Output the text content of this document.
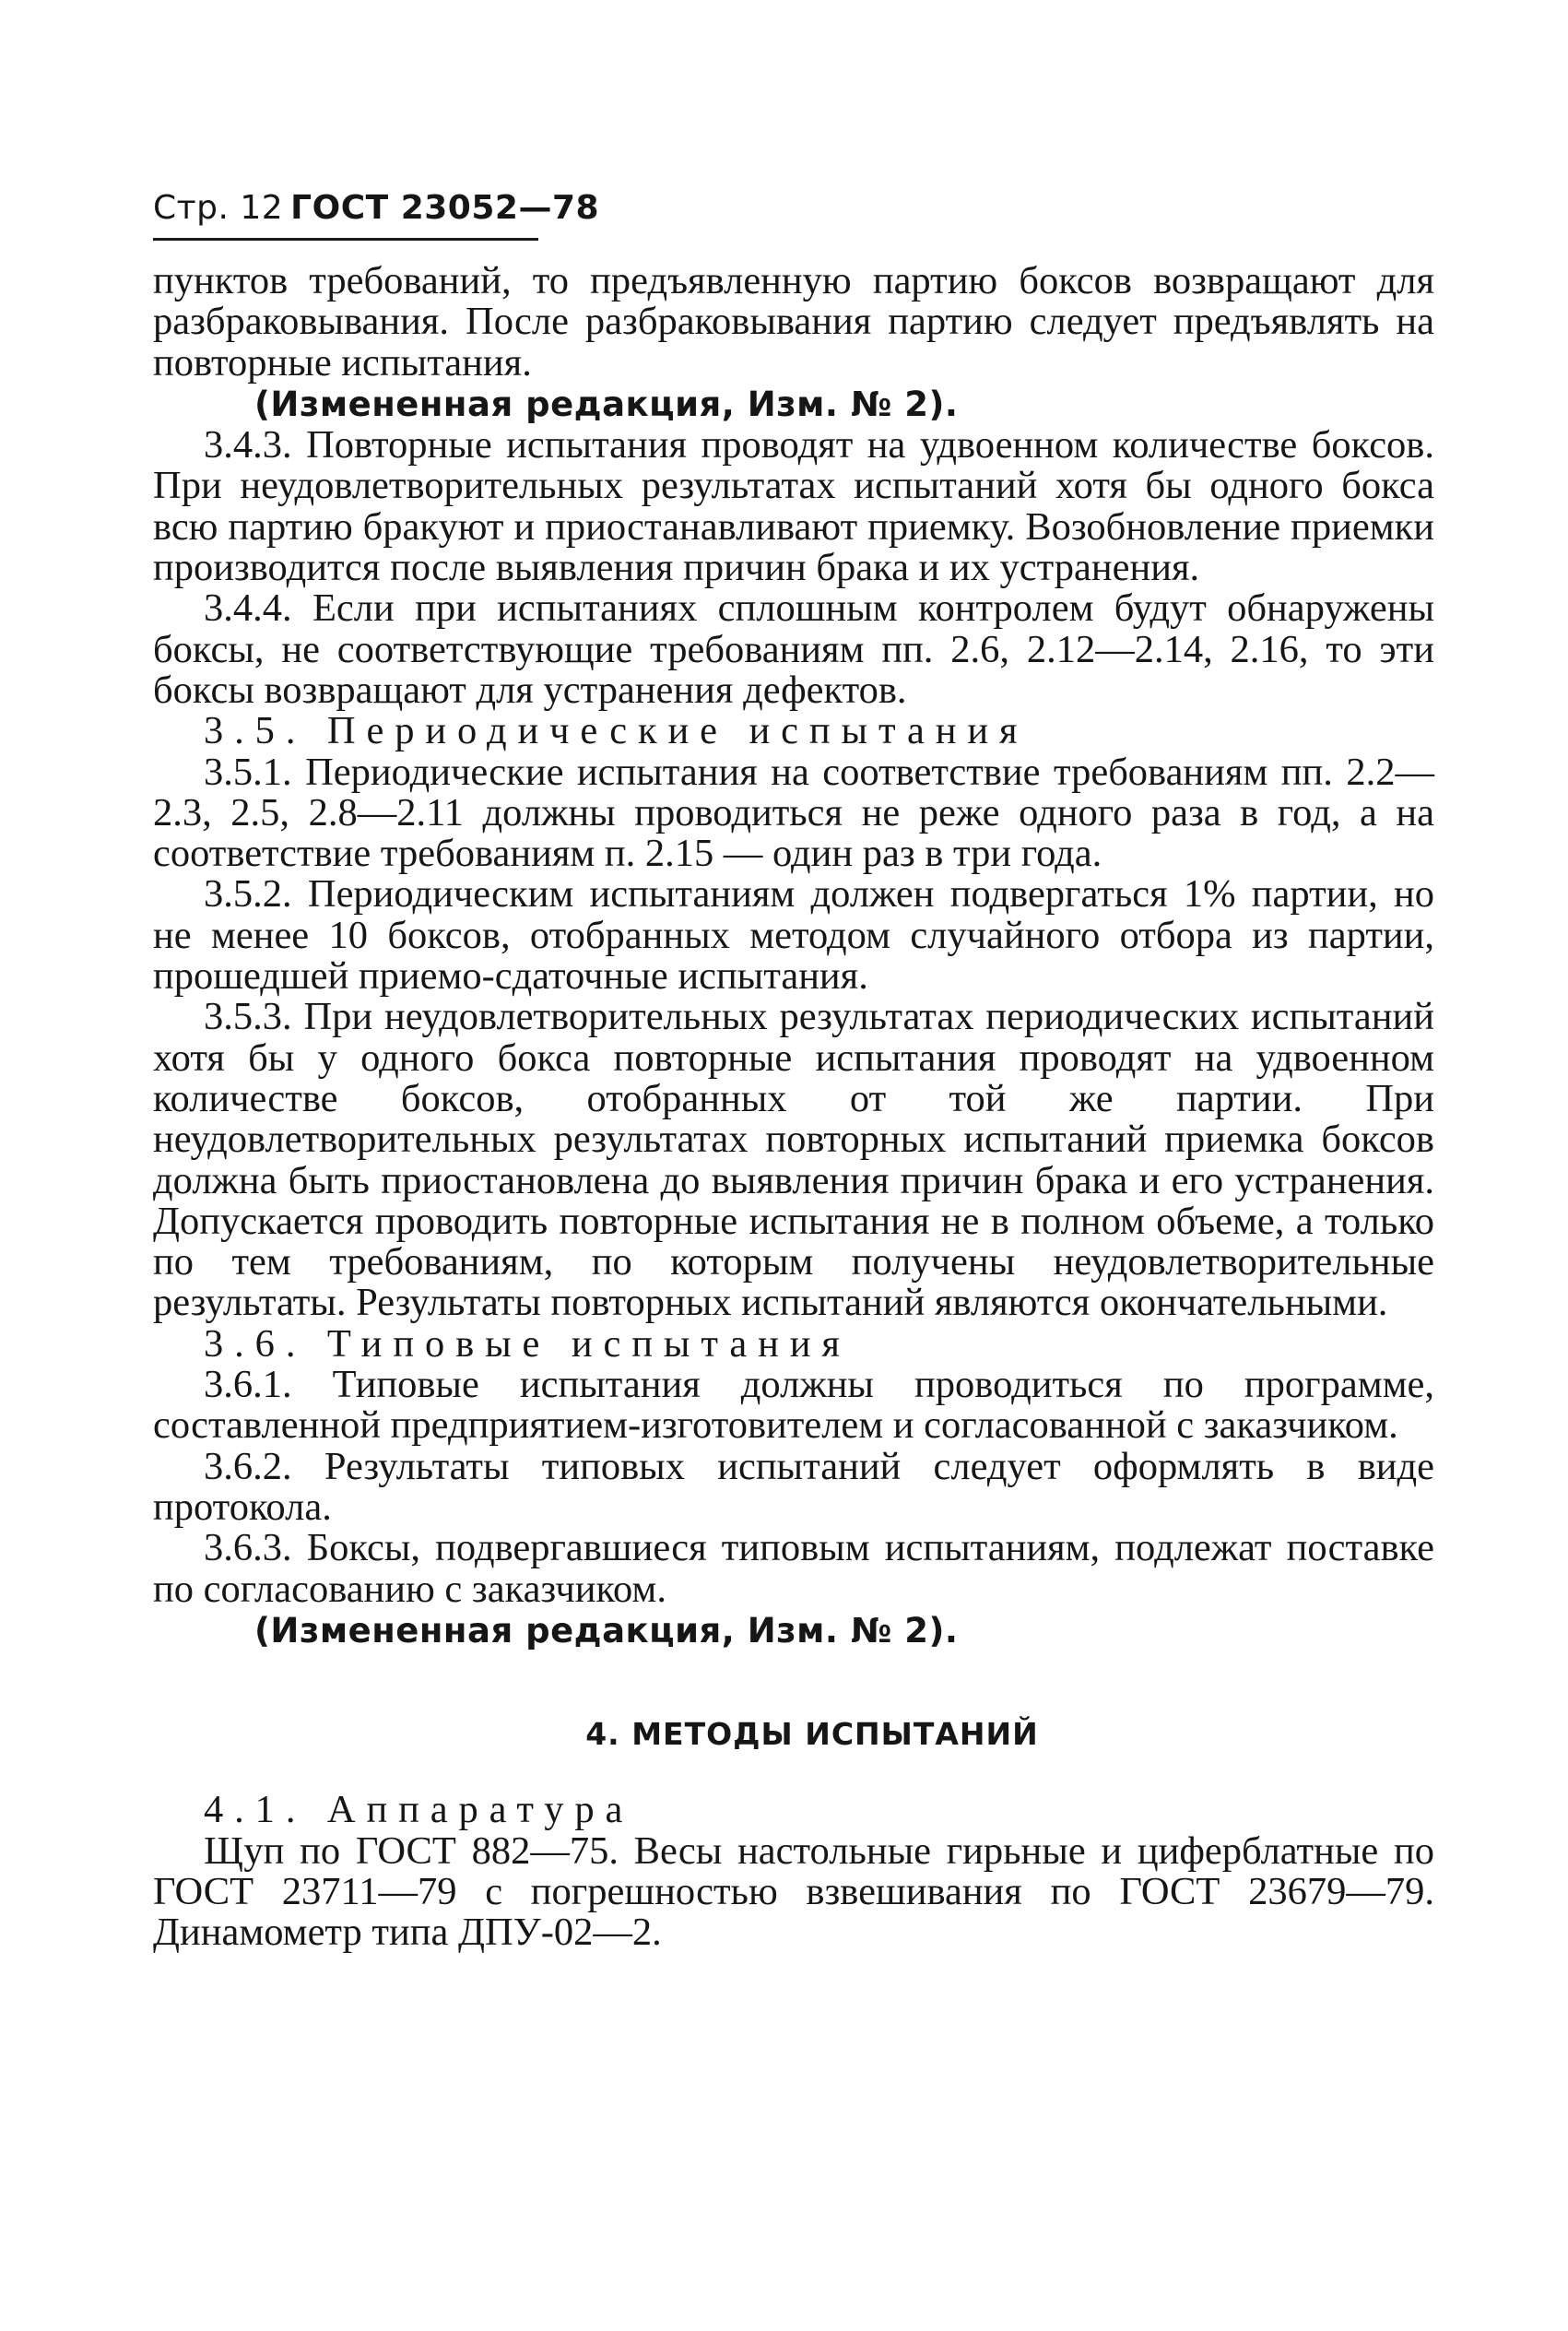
Стр. 12 ГОСТ 23052—78

пунктов требований, то предъявленную партию боксов возвращают для разбраковывания. После разбраковывания партию следует предъявлять на повторные испытания.

(Измененная редакция, Изм. № 2).

3.4.3. Повторные испытания проводят на удвоенном количестве боксов. При неудовлетворительных результатах испытаний хотя бы одного бокса всю партию бракуют и приостанавливают приемку. Возобновление приемки производится после выявления причин брака и их устранения.

3.4.4. Если при испытаниях сплошным контролем будут обнаружены боксы, не соответствующие требованиям пп. 2.6, 2.12—2.14, 2.16, то эти боксы возвращают для устранения дефектов.

3.5. Периодические испытания

3.5.1. Периодические испытания на соответствие требованиям пп. 2.2—2.3, 2.5, 2.8—2.11 должны проводиться не реже одного раза в год, а на соответствие требованиям п. 2.15 — один раз в три года.

3.5.2. Периодическим испытаниям должен подвергаться 1% партии, но не менее 10 боксов, отобранных методом случайного отбора из партии, прошедшей приемо-сдаточные испытания.

3.5.3. При неудовлетворительных результатах периодических испытаний хотя бы у одного бокса повторные испытания проводят на удвоенном количестве боксов, отобранных от той же партии. При неудовлетворительных результатах повторных испытаний приемка боксов должна быть приостановлена до выявления причин брака и его устранения. Допускается проводить повторные испытания не в полном объеме, а только по тем требованиям, по которым получены неудовлетворительные результаты. Результаты повторных испытаний являются окончательными.

3.6. Типовые испытания

3.6.1. Типовые испытания должны проводиться по программе, составленной предприятием-изготовителем и согласованной с заказчиком.

3.6.2. Результаты типовых испытаний следует оформлять в виде протокола.

3.6.3. Боксы, подвергавшиеся типовым испытаниям, подлежат поставке по согласованию с заказчиком.

(Измененная редакция, Изм. № 2).

4. МЕТОДЫ ИСПЫТАНИЙ

4.1. Аппаратура

Щуп по ГОСТ 882—75. Весы настольные гирьные и циферблатные по ГОСТ 23711—79 с погрешностью взвешивания по ГОСТ 23679—79. Динамометр типа ДПУ-02—2.
